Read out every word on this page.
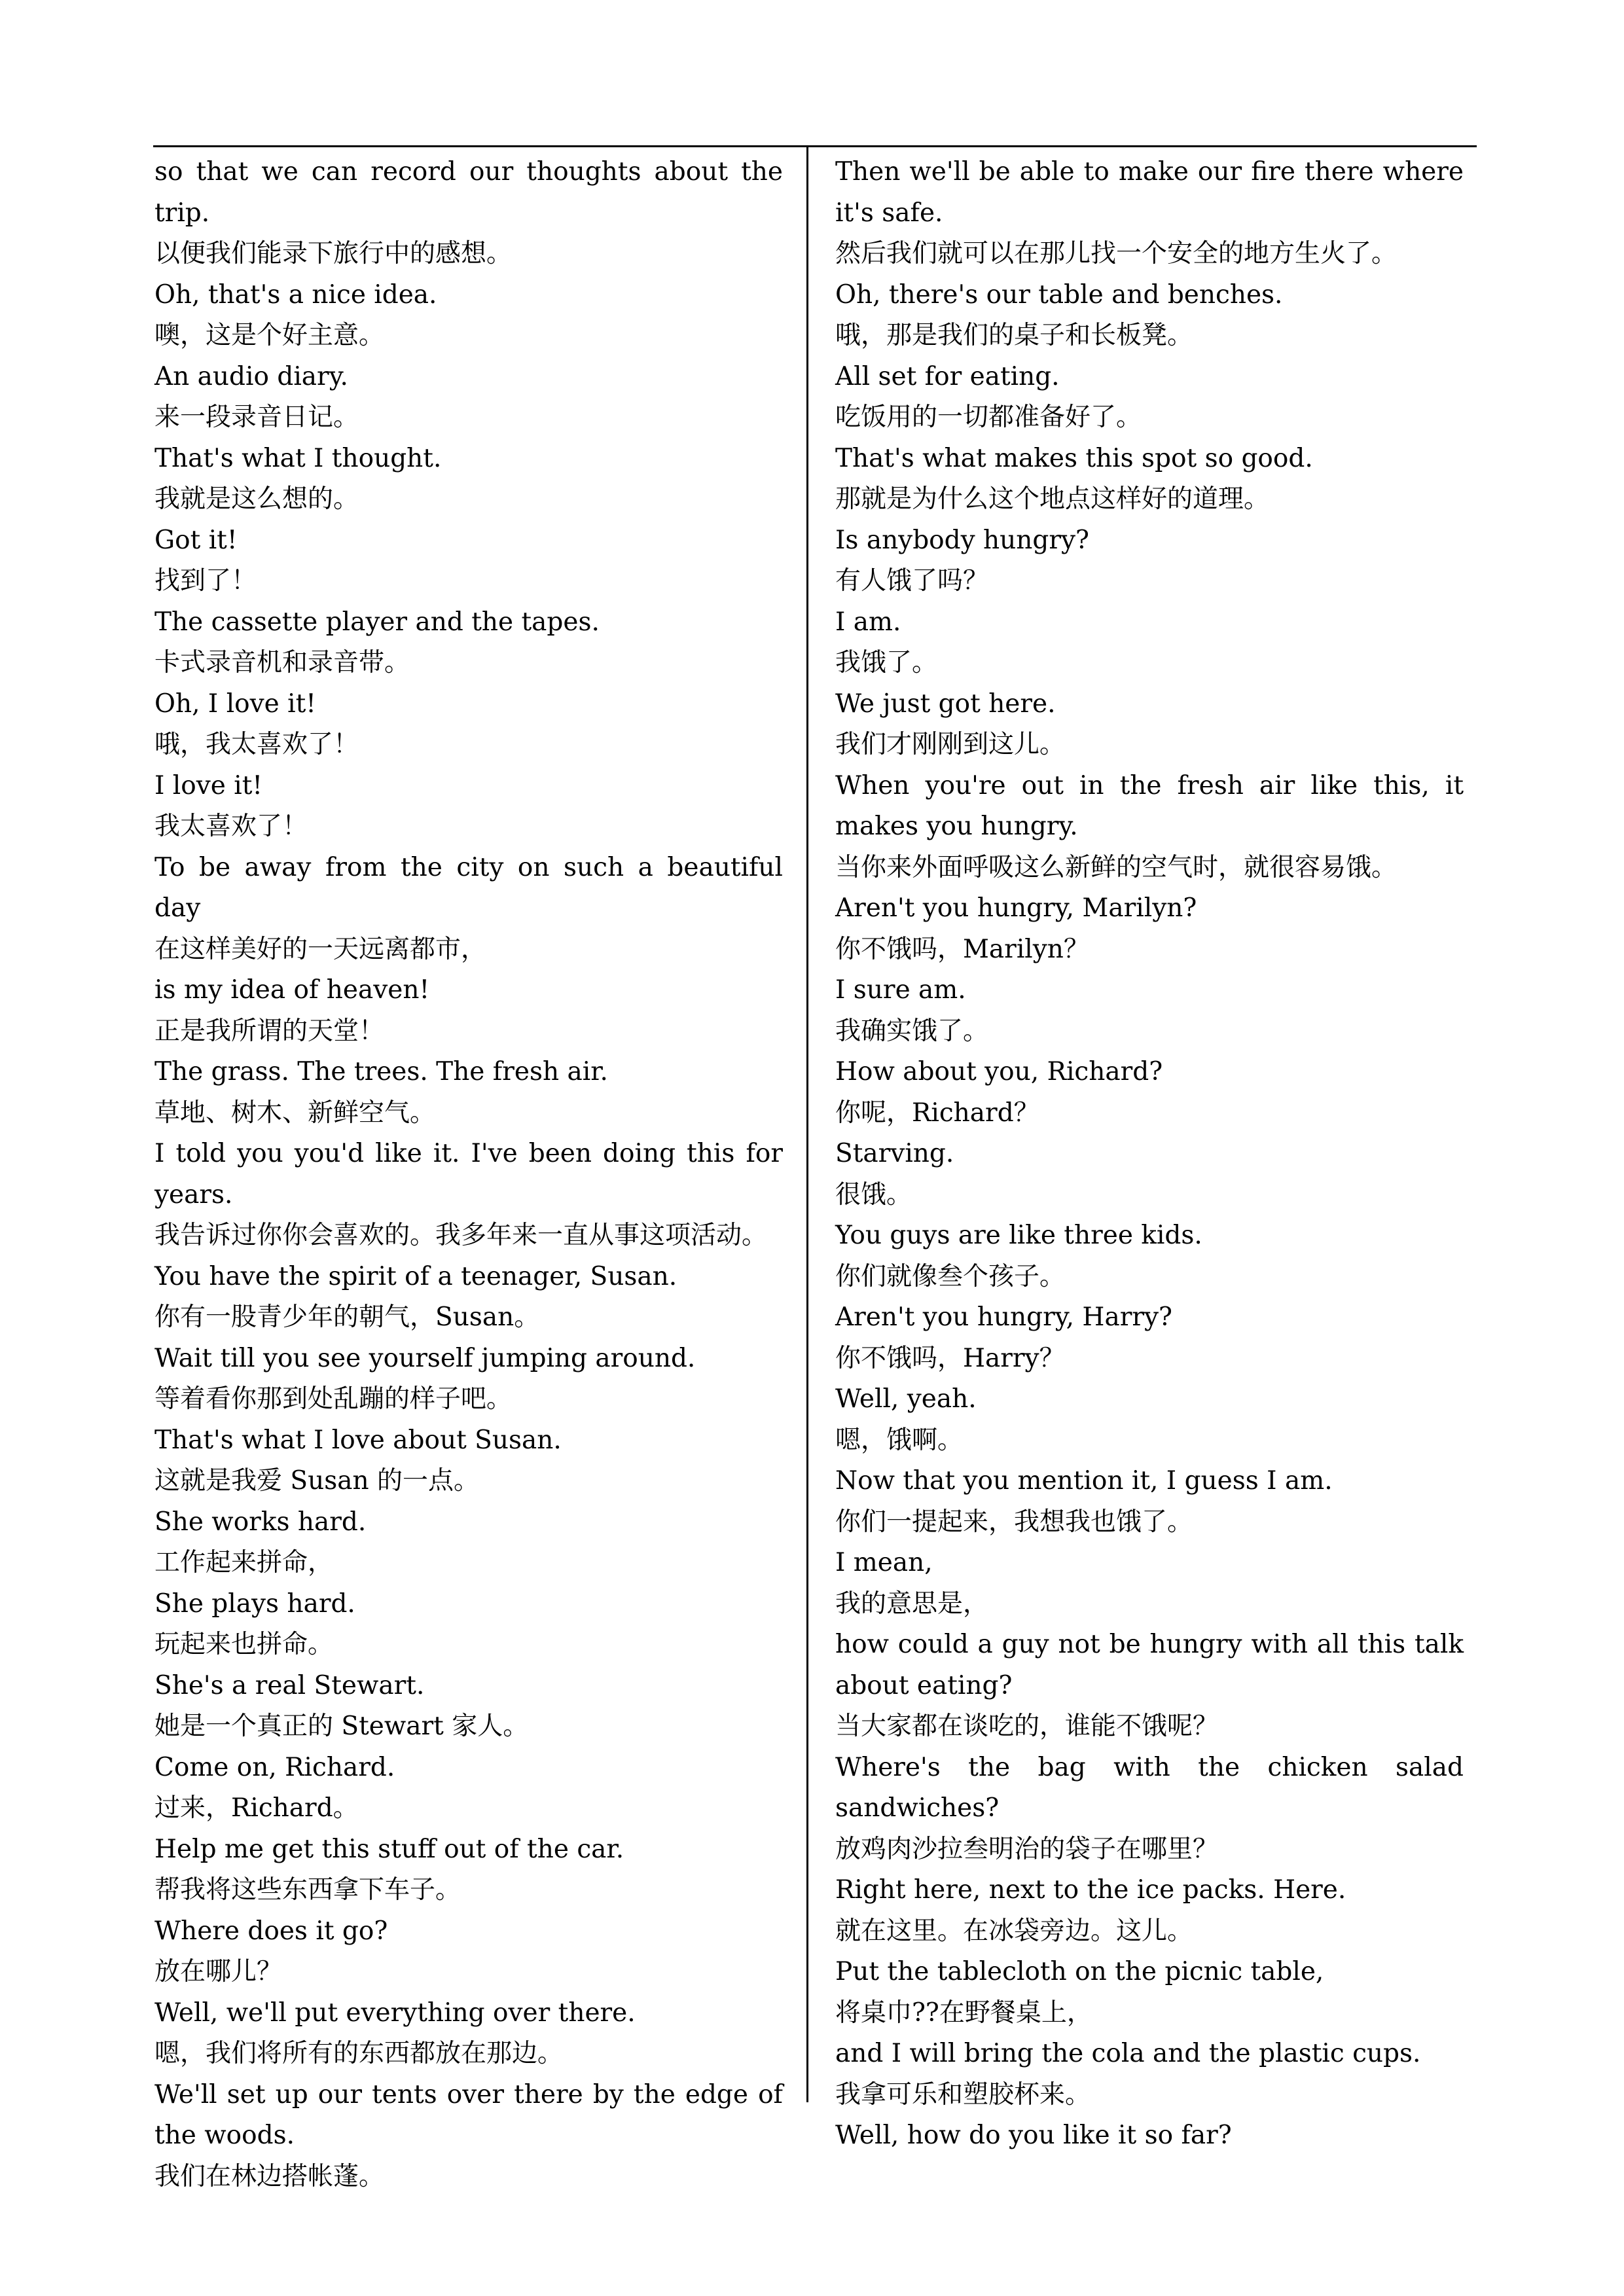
so that we can record our thoughts about the trip.

以便我们能录下旅行中的感想。

Oh, that's a nice idea.

噢，这是个好主意。

An audio diary.

来一段录音日记。

That's what I thought.

我就是这么想的。

Got it!

找到了！

The cassette player and the tapes.

卡式录音机和录音带。

Oh, I love it!

哦，我太喜欢了！

I love it!

我太喜欢了！

To be away from the city on such a beautiful day

在这样美好的一天远离都市，

is my idea of heaven!

正是我所谓的天堂！

The grass. The trees. The fresh air.

草地、树木、新鲜空气。

I told you you'd like it. I've been doing this for years.

我告诉过你你会喜欢的。我多年来一直从事这项活动。

You have the spirit of a teenager, Susan.

你有一股青少年的朝气，Susan。

Wait till you see yourself jumping around.

等着看你那到处乱蹦的样子吧。

That's what I love about Susan.

这就是我爱 Susan 的一点。

She works hard.

工作起来拼命，

She plays hard.

玩起来也拼命。

She's a real Stewart.

她是一个真正的 Stewart 家人。

Come on, Richard.

过来，Richard。

Help me get this stuff out of the car.

帮我将这些东西拿下车子。

Where does it go?

放在哪儿？

Well, we'll put everything over there.

嗯，我们将所有的东西都放在那边。

We'll set up our tents over there by the edge of the woods.

我们在林边搭帐蓬。

Then we'll be able to make our fire there where it's safe.

然后我们就可以在那儿找一个安全的地方生火了。

Oh, there's our table and benches.

哦，那是我们的桌子和长板凳。

All set for eating.

吃饭用的一切都准备好了。

That's what makes this spot so good.

那就是为什么这个地点这样好的道理。

Is anybody hungry?

有人饿了吗？

I am.

我饿了。

We just got here.

我们才刚刚到这儿。

When you're out in the fresh air like this, it makes you hungry.

当你来外面呼吸这么新鲜的空气时，就很容易饿。

Aren't you hungry, Marilyn?

你不饿吗，Marilyn？

I sure am.

我确实饿了。

How about you, Richard?

你呢，Richard？

Starving.

很饿。

You guys are like three kids.

你们就像叁个孩子。

Aren't you hungry, Harry?

你不饿吗，Harry？

Well, yeah.

嗯，饿啊。

Now that you mention it, I guess I am.

你们一提起来，我想我也饿了。

I mean,

我的意思是，

how could a guy not be hungry with all this talk about eating?

当大家都在谈吃的，谁能不饿呢？

Where's the bag with the chicken salad sandwiches?

放鸡肉沙拉叁明治的袋子在哪里？

Right here, next to the ice packs. Here.

就在这里。在冰袋旁边。这儿。

Put the tablecloth on the picnic table,

将桌巾??在野餐桌上，

and I will bring the cola and the plastic cups.

我拿可乐和塑胶杯来。

Well, how do you like it so far?
